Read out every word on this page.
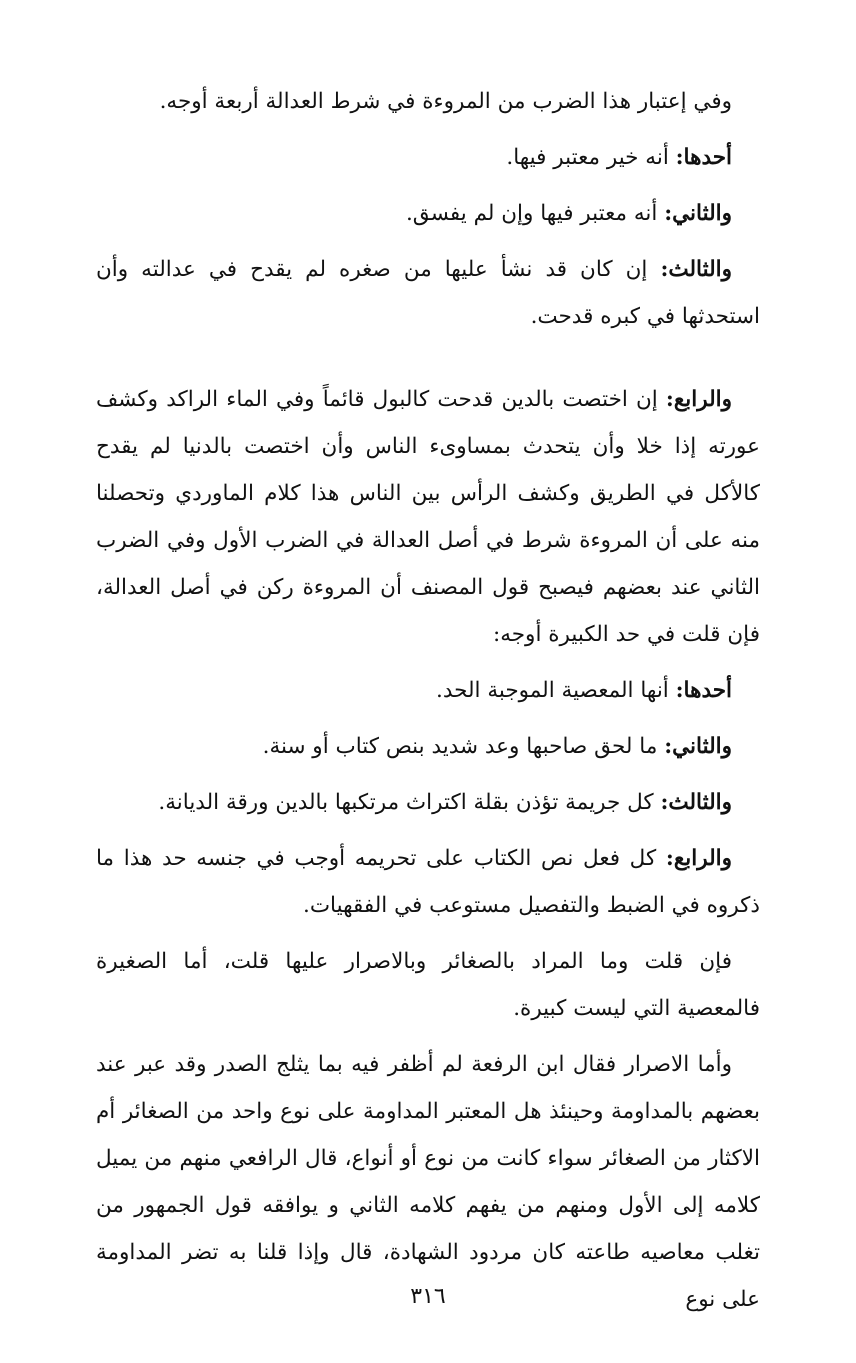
وفي إعتبار هذا الضرب من المروءة في شرط العدالة أربعة أوجه.

أحدها: أنه خير معتبر فيها.

والثاني: أنه معتبر فيها وإن لم يفسق.

والثالث: إن كان قد نشأ عليها من صغره لم يقدح في عدالته وأن استحدثها في كبره قدحت.

والرابع: إن اختصت بالدين قدحت كالبول قائماً وفي الماء الراكد وكشف عورته إذا خلا وأن يتحدث بمساوىء الناس وأن اختصت بالدنيا لم يقدح كالأكل في الطريق وكشف الرأس بين الناس هذا كلام الماوردي وتحصلنا منه على أن المروءة شرط في أصل العدالة في الضرب الأول وفي الضرب الثاني عند بعضهم فيصبح قول المصنف أن المروءة ركن في أصل العدالة، فإن قلت في حد الكبيرة أوجه:

أحدها: أنها المعصية الموجبة الحد.

والثاني: ما لحق صاحبها وعد شديد بنص كتاب أو سنة.

والثالث: كل جريمة تؤذن بقلة اكتراث مرتكبها بالدين ورقة الديانة.

والرابع: كل فعل نص الكتاب على تحريمه أوجب في جنسه حد هذا ما ذكروه في الضبط والتفصيل مستوعب في الفقهيات.

فإن قلت وما المراد بالصغائر وبالاصرار عليها قلت، أما الصغيرة فالمعصية التي ليست كبيرة.

وأما الاصرار فقال ابن الرفعة لم أظفر فيه بما يثلج الصدر وقد عبر عند بعضهم بالمداومة وحينئذ هل المعتبر المداومة على نوع واحد من الصغائر أم الاكثار من الصغائر سواء كانت من نوع أو أنواع، قال الرافعي منهم من يميل كلامه إلى الأول ومنهم من يفهم كلامه الثاني و يوافقه قول الجمهور من تغلب معاصيه طاعته كان مردود الشهادة، قال وإذا قلنا به تضر المداومة على نوع

٣١٦
